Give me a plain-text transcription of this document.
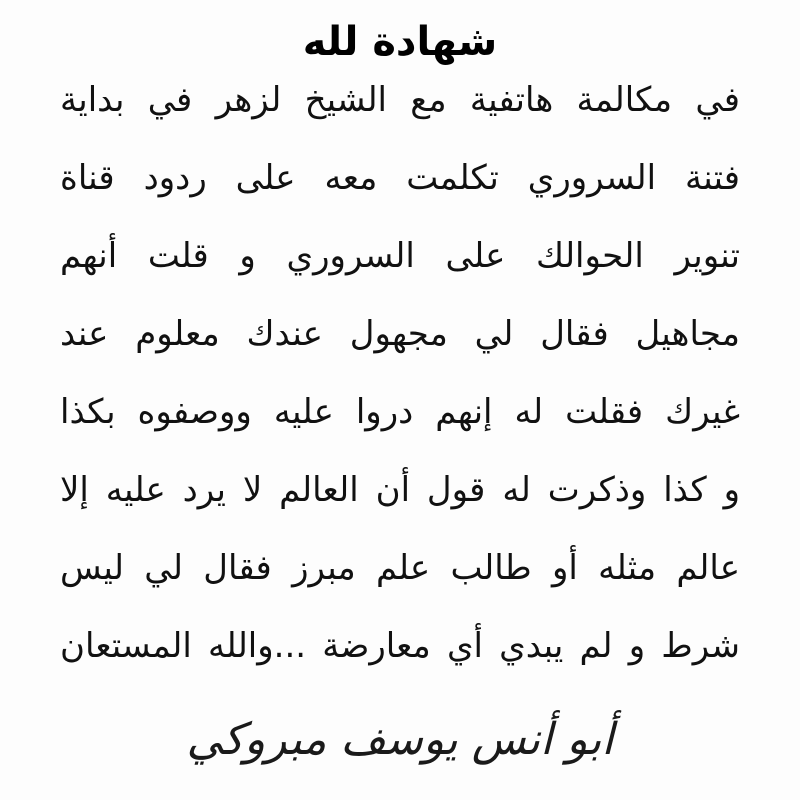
شهادة لله
في مكالمة هاتفية مع الشيخ لزهر في بداية
فتنة السروري تكلمت معه على ردود قناة
تنوير الحوالك على السروري و قلت أنهم
مجاهيل فقال لي مجهول عندك معلوم عند
غيرك فقلت له إنهم دروا عليه ووصفوه بكذا
و كذا وذكرت له قول أن العالم لا يرد عليه إلا
عالم مثله أو طالب علم مبرز فقال لي ليس
شرط و لم يبدي أي معارضة ...والله المستعان
أبو أنس يوسف مبروكي
